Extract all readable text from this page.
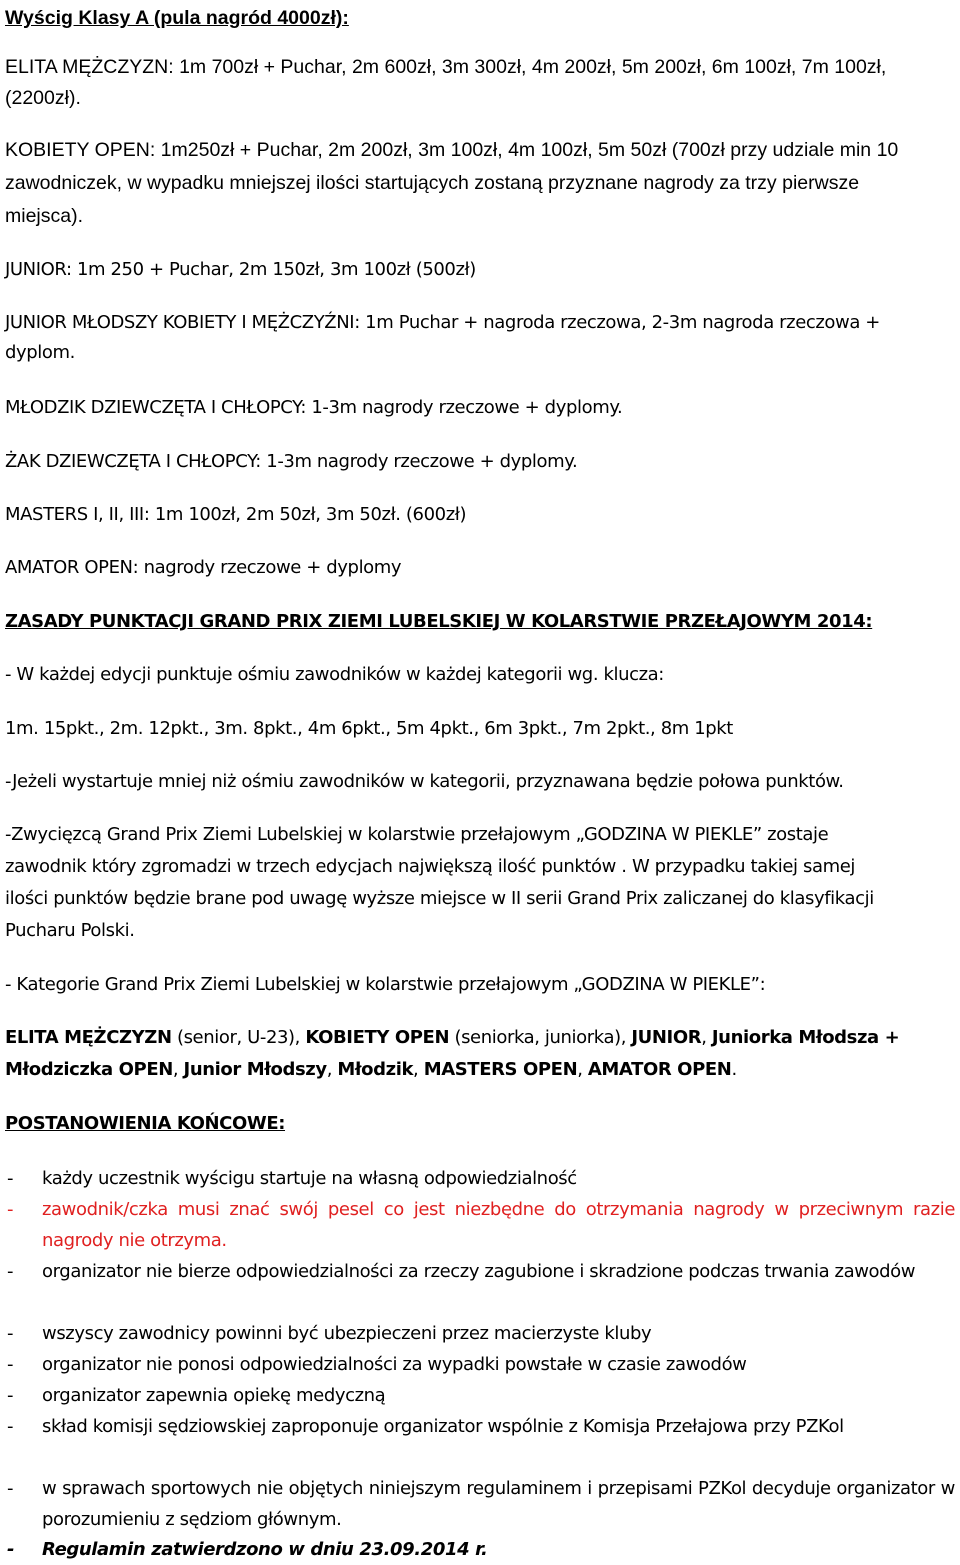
Wyścig Klasy A (pula nagród 4000zł):
ELITA MĘŻCZYZN: 1m 700zł + Puchar, 2m 600zł, 3m 300zł, 4m 200zł, 5m 200zł, 6m 100zł, 7m 100zł,
(2200zł).
KOBIETY OPEN: 1m250zł + Puchar, 2m 200zł, 3m 100zł, 4m 100zł, 5m 50zł (700zł przy udziale min 10
zawodniczek, w wypadku mniejszej ilości startujących zostaną przyznane nagrody za trzy pierwsze
miejsca).
JUNIOR: 1m 250 + Puchar, 2m 150zł, 3m 100zł (500zł)
JUNIOR MŁODSZY KOBIETY I MĘŻCZYŹNI: 1m Puchar + nagroda rzeczowa, 2-3m nagroda rzeczowa +
dyplom.
MŁODZIK DZIEWCZĘTA I CHŁOPCY: 1-3m nagrody rzeczowe + dyplomy.
ŻAK DZIEWCZĘTA I CHŁOPCY: 1-3m nagrody rzeczowe + dyplomy.
MASTERS I, II, III: 1m 100zł, 2m 50zł, 3m 50zł. (600zł)
AMATOR OPEN: nagrody rzeczowe + dyplomy
ZASADY PUNKTACJI GRAND PRIX ZIEMI LUBELSKIEJ W KOLARSTWIE PRZEŁAJOWYM 2014:
- W każdej edycji punktuje ośmiu zawodników w każdej kategorii wg. klucza:
1m. 15pkt., 2m. 12pkt., 3m. 8pkt., 4m 6pkt., 5m 4pkt., 6m 3pkt., 7m 2pkt., 8m 1pkt
-Jeżeli wystartuje mniej niż ośmiu zawodników w kategorii, przyznawana będzie połowa punktów.
-Zwycięzcą Grand Prix Ziemi Lubelskiej w kolarstwie przełajowym „GODZINA W PIEKLE” zostaje
zawodnik który zgromadzi w trzech edycjach największą ilość punktów . W przypadku takiej samej
ilości punktów będzie brane pod uwagę wyższe miejsce w II serii Grand Prix zaliczanej do klasyfikacji
Pucharu Polski.
- Kategorie Grand Prix Ziemi Lubelskiej w kolarstwie przełajowym „GODZINA W PIEKLE”:
ELITA MĘŻCZYZN (senior, U-23), KOBIETY OPEN (seniorka, juniorka), JUNIOR, Juniorka Młodsza +
Młodziczka OPEN, Junior Młodszy, Młodzik, MASTERS OPEN, AMATOR OPEN.
POSTANOWIENIA KOŃCOWE:
- każdy uczestnik wyścigu startuje na własną odpowiedzialność
- zawodnik/czka musi znać swój pesel co jest niezbędne do otrzymania nagrody w przeciwnym razie nagrody nie otrzyma.
- organizator nie bierze odpowiedzialności za rzeczy zagubione i skradzione podczas trwania zawodów
- wszyscy zawodnicy powinni być ubezpieczeni przez macierzyste kluby
- organizator nie ponosi odpowiedzialności za wypadki powstałe w czasie zawodów
- organizator zapewnia opiekę medyczną
- skład komisji sędziowskiej zaproponuje organizator wspólnie z Komisja Przełajowa przy PZKol
- w sprawach sportowych nie objętych niniejszym regulaminem i przepisami PZKol decyduje organizator w porozumieniu z sędziom głównym.
- Regulamin zatwierdzono w dniu 23.09.2014 r.
